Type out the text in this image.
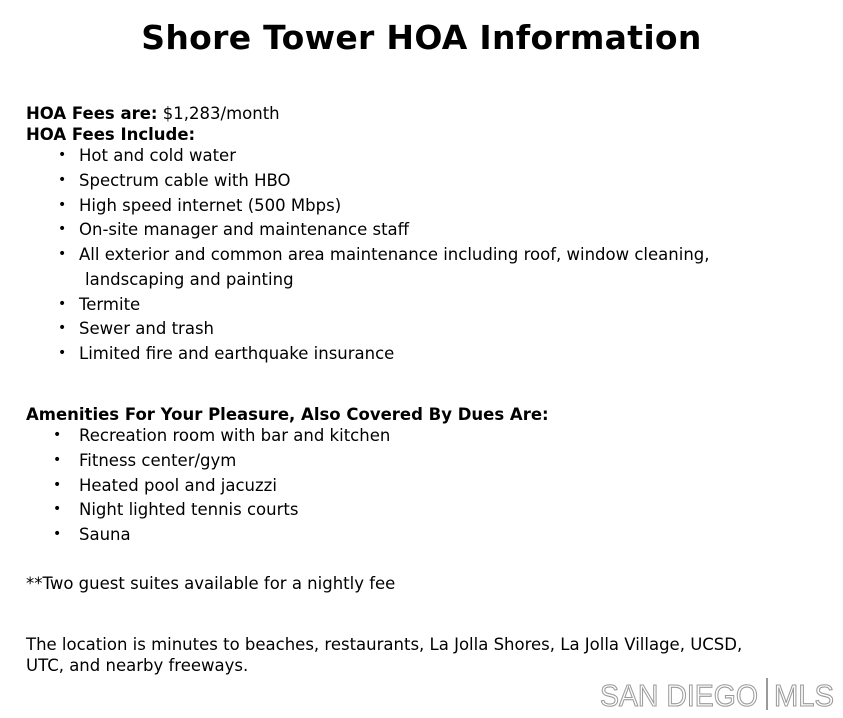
Shore Tower HOA Information
HOA Fees are: $1,283/month
HOA Fees Include:
• Hot and cold water
• Spectrum cable with HBO
• High speed internet (500 Mbps)
• On-site manager and maintenance staff
• All exterior and common area maintenance including roof, window cleaning,
landscaping and painting
• Termite
• Sewer and trash
• Limited fire and earthquake insurance
Amenities For Your Pleasure, Also Covered By Dues Are:
• Recreation room with bar and kitchen
• Fitness center/gym
• Heated pool and jacuzzi
• Night lighted tennis courts
• Sauna
**Two guest suites available for a nightly fee
The location is minutes to beaches, restaurants, La Jolla Shores, La Jolla Village, UCSD,
UTC, and nearby freeways.
SAN DIEGO MLS
